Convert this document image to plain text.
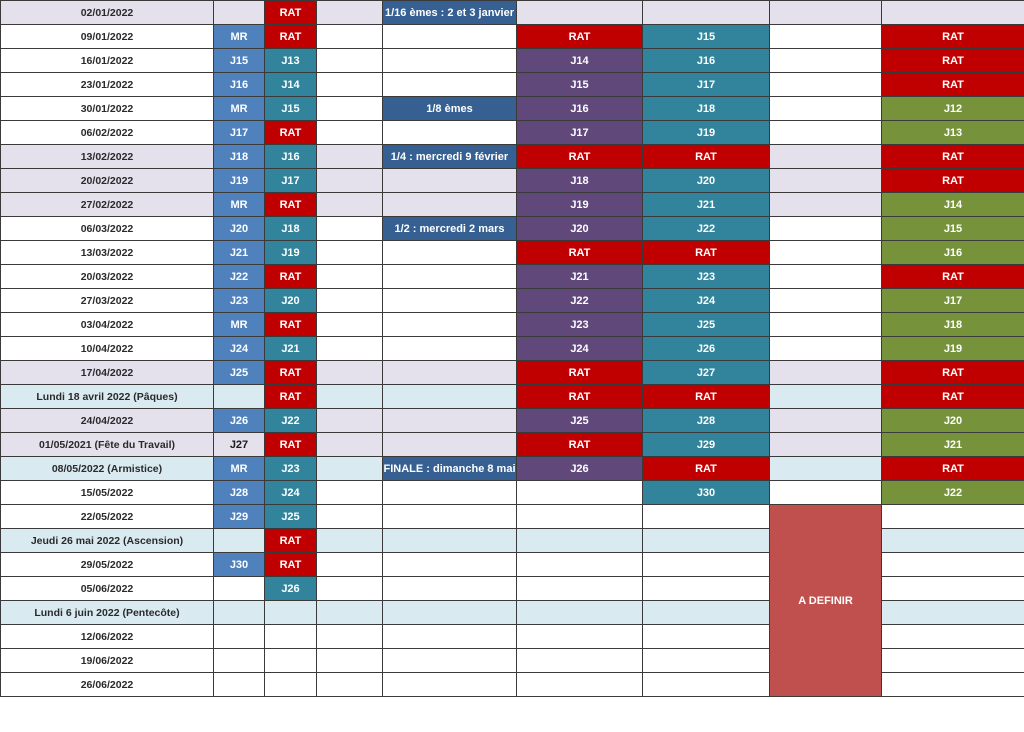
02/01/2022		RAT		1/16 èmes : 2 et 3 janvier				
09/01/2022	MR	RAT			RAT	J15		RAT
16/01/2022	J15	J13			J14	J16		RAT
23/01/2022	J16	J14			J15	J17		RAT
30/01/2022	MR	J15		1/8 èmes	J16	J18		J12
06/02/2022	J17	RAT			J17	J19		J13
13/02/2022	J18	J16		1/4 : mercredi 9 février	RAT	RAT		RAT
20/02/2022	J19	J17			J18	J20		RAT
27/02/2022	MR	RAT			J19	J21		J14
06/03/2022	J20	J18		1/2 : mercredi 2 mars	J20	J22		J15
13/03/2022	J21	J19			RAT	RAT		J16
20/03/2022	J22	RAT			J21	J23		RAT
27/03/2022	J23	J20			J22	J24		J17
03/04/2022	MR	RAT			J23	J25		J18
10/04/2022	J24	J21			J24	J26		J19
17/04/2022	J25	RAT			RAT	J27		RAT
Lundi 18 avril 2022 (Pâques)		RAT			RAT	RAT		RAT
24/04/2022	J26	J22			J25	J28		J20
01/05/2021 (Fête du Travail)	J27	RAT			RAT	J29		J21
08/05/2022 (Armistice)	MR	J23		FINALE : dimanche 8 mai	J26	RAT		RAT
15/05/2022	J28	J24				J30		J22
22/05/2022	J29	J25					A DEFINIR	
Jeudi 26 mai 2022 (Ascension)		RAT						
29/05/2022	J30	RAT						
05/06/2022		J26						
Lundi 6 juin 2022 (Pentecôte)								
12/06/2022								
19/06/2022								
26/06/2022								
